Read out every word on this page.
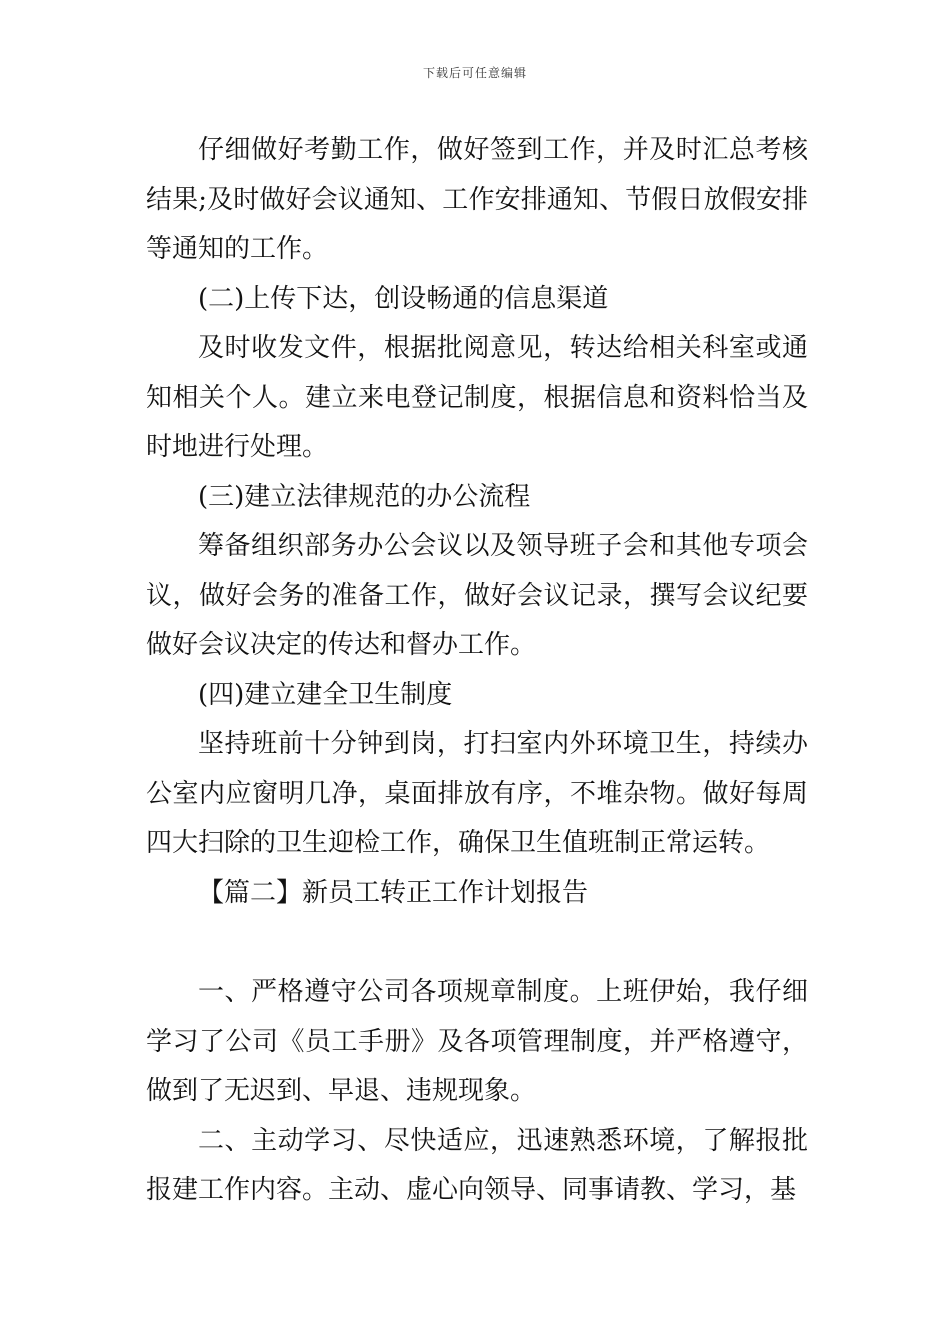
下载后可任意编辑

仔细做好考勤工作，做好签到工作，并及时汇总考核结果;及时做好会议通知、工作安排通知、节假日放假安排等通知的工作。

(二)上传下达，创设畅通的信息渠道

及时收发文件，根据批阅意见，转达给相关科室或通知相关个人。建立来电登记制度，根据信息和资料恰当及时地进行处理。

(三)建立法律规范的办公流程

筹备组织部务办公会议以及领导班子会和其他专项会议，做好会务的准备工作，做好会议记录，撰写会议纪要做好会议决定的传达和督办工作。

(四)建立建全卫生制度

坚持班前十分钟到岗，打扫室内外环境卫生，持续办公室内应窗明几净，桌面排放有序，不堆杂物。做好每周四大扫除的卫生迎检工作，确保卫生值班制正常运转。

【篇二】新员工转正工作计划报告

一、严格遵守公司各项规章制度。上班伊始，我仔细学习了公司《员工手册》及各项管理制度，并严格遵守，做到了无迟到、早退、违规现象。

二、主动学习、尽快适应，迅速熟悉环境，了解报批报建工作内容。主动、虚心向领导、同事请教、学习，基
